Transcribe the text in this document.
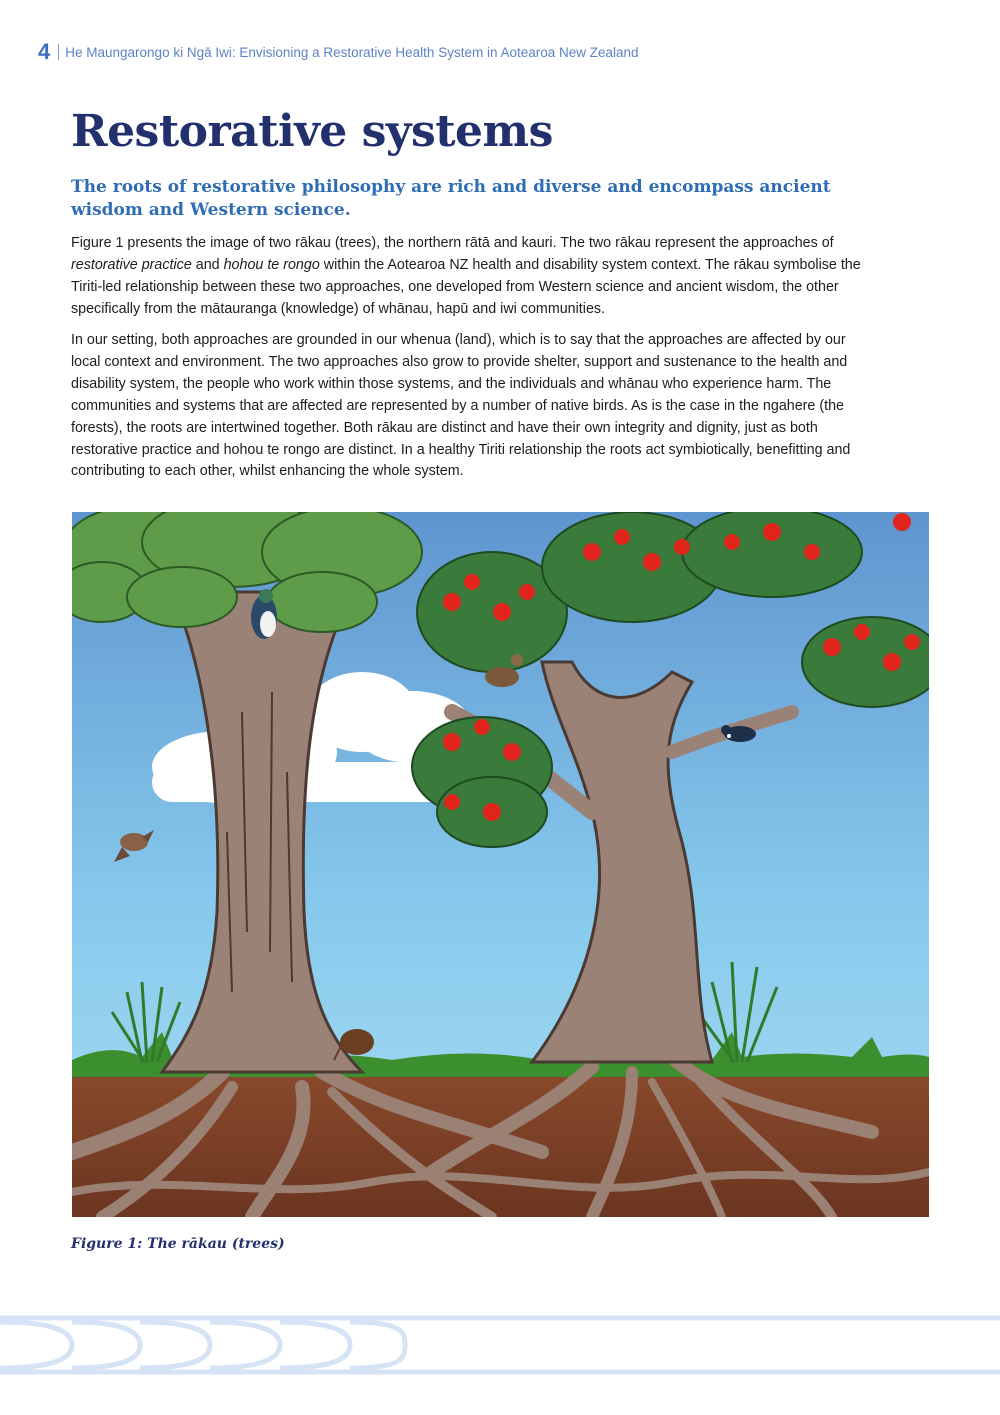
4 He Maungarongo ki Ngā Iwi: Envisioning a Restorative Health System in Aotearoa New Zealand
Restorative systems
The roots of restorative philosophy are rich and diverse and encompass ancient wisdom and Western science.

Figure 1 presents the image of two rākau (trees), the northern rātā and kauri. The two rākau represent the approaches of restorative practice and hohou te rongo within the Aotearoa NZ health and disability system context. The rākau symbolise the Tiriti-led relationship between these two approaches, one developed from Western science and ancient wisdom, the other specifically from the mātauranga (knowledge) of whānau, hapū and iwi communities.

In our setting, both approaches are grounded in our whenua (land), which is to say that the approaches are affected by our local context and environment. The two approaches also grow to provide shelter, support and sustenance to the health and disability system, the people who work within those systems, and the individuals and whānau who experience harm. The communities and systems that are affected are represented by a number of native birds. As is the case in the ngahere (the forests), the roots are intertwined together. Both rākau are distinct and have their own integrity and dignity, just as both restorative practice and hohou te rongo are distinct. In a healthy Tiriti relationship the roots act symbiotically, benefitting and contributing to each other, whilst enhancing the whole system.

Figure 1: The rākau (trees)
